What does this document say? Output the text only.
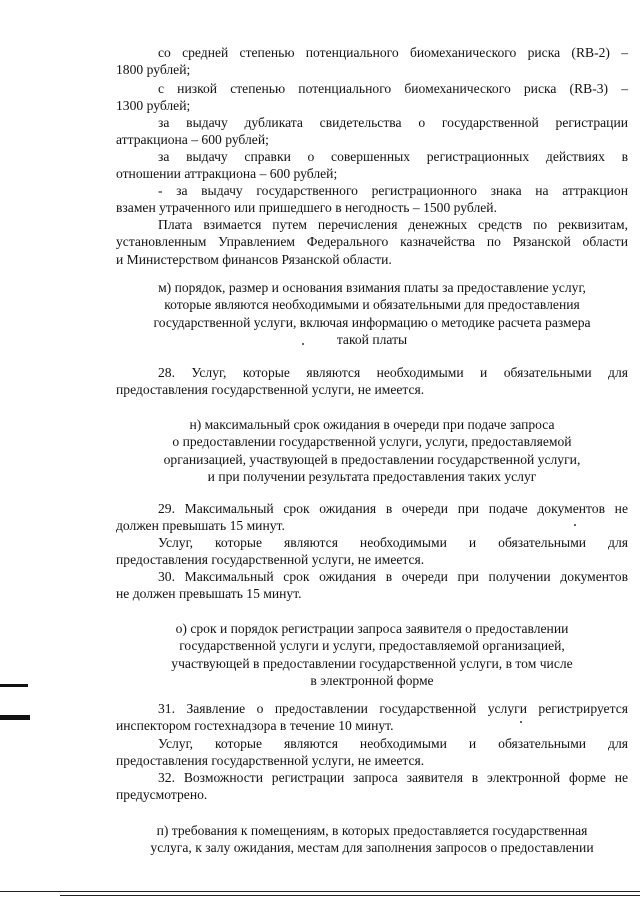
со средней степенью потенциального биомеханического риска (RB-2) –
1800 рублей;
с низкой степенью потенциального биомеханического риска (RB-3) –
1300 рублей;
за выдачу дубликата свидетельства о государственной регистрации
аттракциона – 600 рублей;
за выдачу справки о совершенных регистрационных действиях в
отношении аттракциона – 600 рублей;
- за выдачу государственного регистрационного знака на аттракцион
взамен утраченного или пришедшего в негодность – 1500 рублей.
Плата взимается путем перечисления денежных средств по реквизитам,
установленным Управлением Федерального казначейства по Рязанской области
и Министерством финансов Рязанской области.
м) порядок, размер и основания взимания платы за предоставление услуг,
которые являются необходимыми и обязательными для предоставления
государственной услуги, включая информацию о методике расчета размера
такой платы
28. Услуг, которые являются необходимыми и обязательными для
предоставления государственной услуги, не имеется.
н) максимальный срок ожидания в очереди при подаче запроса
о предоставлении государственной услуги, услуги, предоставляемой
организацией, участвующей в предоставлении государственной услуги,
и при получении результата предоставления таких услуг
29. Максимальный срок ожидания в очереди при подаче документов не
должен превышать 15 минут.
Услуг, которые являются необходимыми и обязательными для
предоставления государственной услуги, не имеется.
30. Максимальный срок ожидания в очереди при получении документов
не должен превышать 15 минут.
о) срок и порядок регистрации запроса заявителя о предоставлении
государственной услуги и услуги, предоставляемой организацией,
участвующей в предоставлении государственной услуги, в том числе
в электронной форме
31. Заявление о предоставлении государственной услуги регистрируется
инспектором гостехнадзора в течение 10 минут.
Услуг, которые являются необходимыми и обязательными для
предоставления государственной услуги, не имеется.
32. Возможности регистрации запроса заявителя в электронной форме не
предусмотрено.
п) требования к помещениям, в которых предоставляется государственная
услуга, к залу ожидания, местам для заполнения запросов о предоставлении
